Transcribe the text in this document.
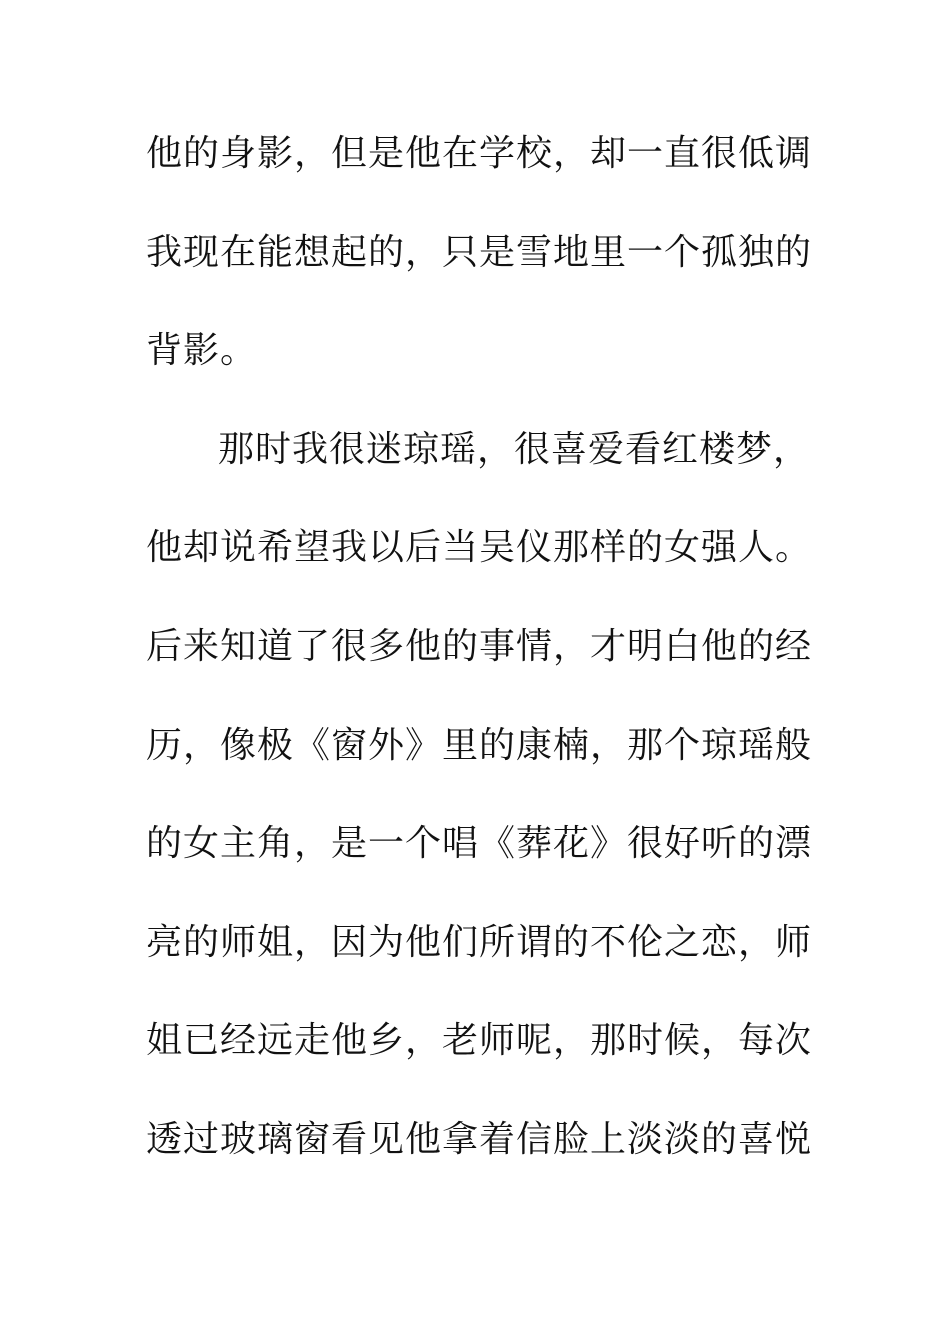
他的身影，但是他在学校，却一直很低调
我现在能想起的，只是雪地里一个孤独的
背影。
那时我很迷琼瑶，很喜爱看红楼梦，
他却说希望我以后当吴仪那样的女强人。
后来知道了很多他的事情，才明白他的经
历，像极《窗外》里的康楠，那个琼瑶般
的女主角，是一个唱《葬花》很好听的漂
亮的师姐，因为他们所谓的不伦之恋，师
姐已经远走他乡，老师呢，那时候，每次
透过玻璃窗看见他拿着信脸上淡淡的喜悦
